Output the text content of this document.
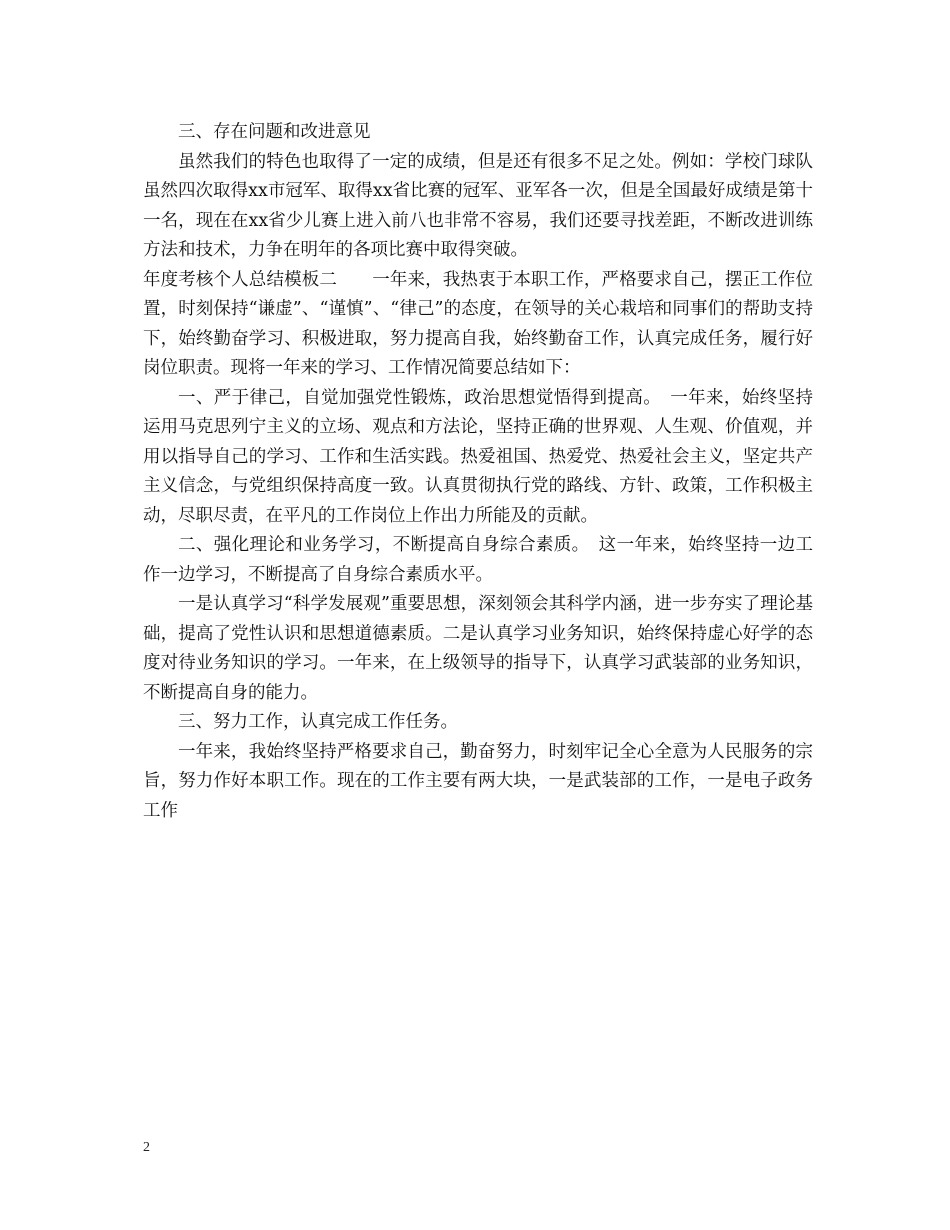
三、存在问题和改进意见

虽然我们的特色也取得了一定的成绩，但是还有很多不足之处。例如：学校门球队虽然四次取得xx市冠军、取得xx省比赛的冠军、亚军各一次，但是全国最好成绩是第十一名，现在在xx省少儿赛上进入前八也非常不容易，我们还要寻找差距，不断改进训练方法和技术，力争在明年的各项比赛中取得突破。

年度考核个人总结模板二　　一年来，我热衷于本职工作，严格要求自己，摆正工作位置，时刻保持“谦虚”、“谨慎”、“律己”的态度，在领导的关心栽培和同事们的帮助支持下，始终勤奋学习、积极进取，努力提高自我，始终勤奋工作，认真完成任务，履行好岗位职责。现将一年来的学习、工作情况简要总结如下：

一、严于律己，自觉加强党性锻炼，政治思想觉悟得到提高。　一年来，始终坚持运用马克思列宁主义的立场、观点和方法论，坚持正确的世界观、人生观、价值观，并用以指导自己的学习、工作和生活实践。热爱祖国、热爱党、热爱社会主义，坚定共产主义信念，与党组织保持高度一致。认真贯彻执行党的路线、方针、政策，工作积极主动，尽职尽责，在平凡的工作岗位上作出力所能及的贡献。

二、强化理论和业务学习，不断提高自身综合素质。　这一年来，始终坚持一边工作一边学习，不断提高了自身综合素质水平。

一是认真学习“科学发展观”重要思想，深刻领会其科学内涵，进一步夯实了理论基础，提高了党性认识和思想道德素质。二是认真学习业务知识，始终保持虚心好学的态度对待业务知识的学习。一年来，在上级领导的指导下，认真学习武装部的业务知识，不断提高自身的能力。

三、努力工作，认真完成工作任务。

一年来，我始终坚持严格要求自己，勤奋努力，时刻牢记全心全意为人民服务的宗旨，努力作好本职工作。现在的工作主要有两大块，一是武装部的工作，一是电子政务工作

2
